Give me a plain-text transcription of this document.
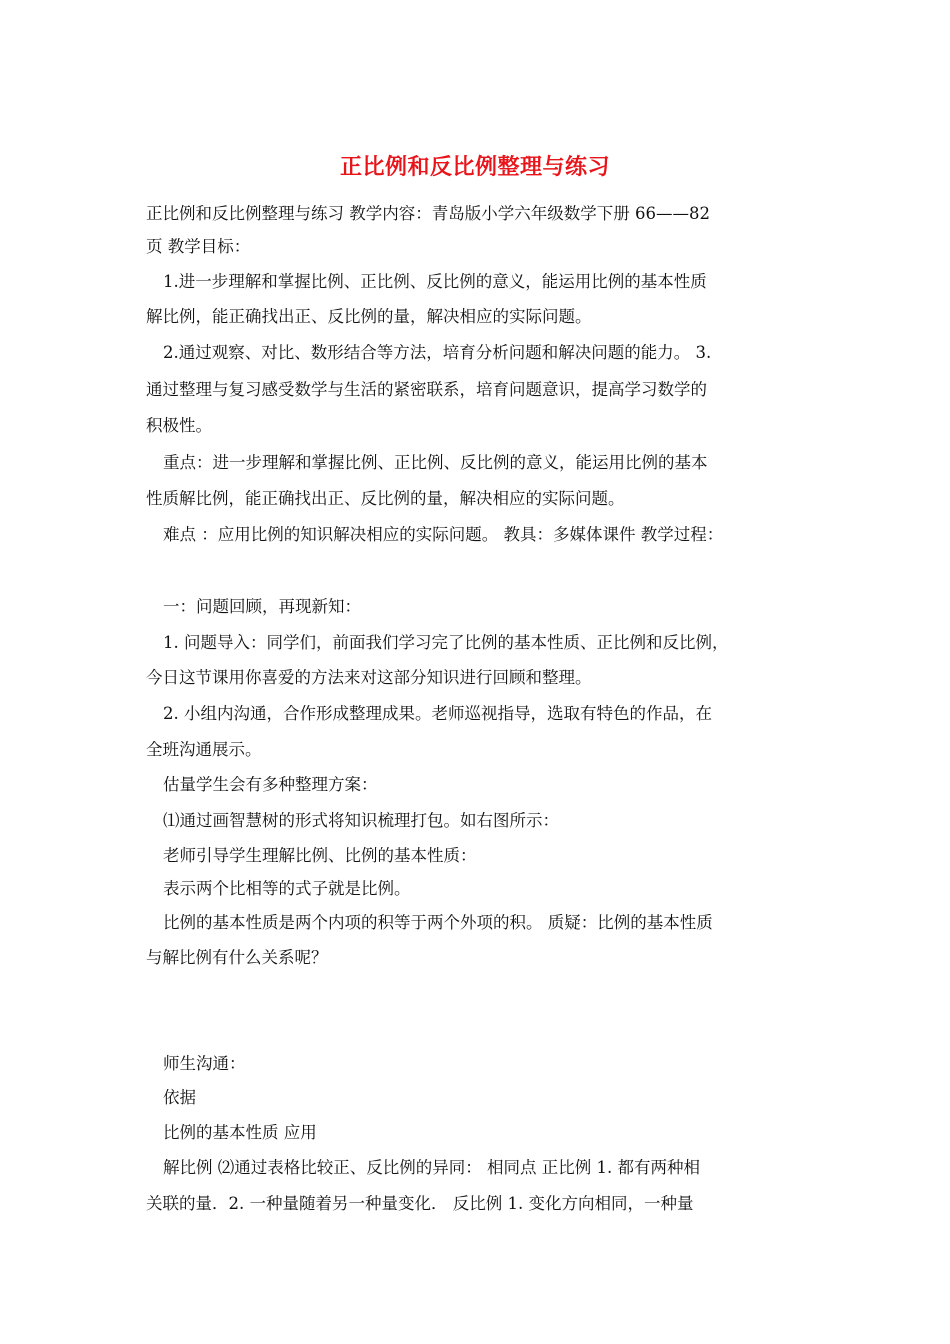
正比例和反比例整理与练习
正比例和反比例整理与练习 教学内容：青岛版小学六年级数学下册 66——82
页 教学目标：
1.进一步理解和掌握比例、正比例、反比例的意义，能运用比例的基本性质
解比例，能正确找出正、反比例的量，解决相应的实际问题。
2.通过观察、对比、数形结合等方法，培育分析问题和解决问题的能力。 3.
通过整理与复习感受数学与生活的紧密联系，培育问题意识，提高学习数学的
积极性。
重点：进一步理解和掌握比例、正比例、反比例的意义，能运用比例的基本
性质解比例，能正确找出正、反比例的量，解决相应的实际问题。
难点 ：应用比例的知识解决相应的实际问题。 教具：多媒体课件 教学过程：
一：问题回顾，再现新知：
1. 问题导入：同学们，前面我们学习完了比例的基本性质、正比例和反比例，
今日这节课用你喜爱的方法来对这部分知识进行回顾和整理。
2. 小组内沟通，合作形成整理成果。老师巡视指导，选取有特色的作品，在
全班沟通展示。
估量学生会有多种整理方案：
⑴通过画智慧树的形式将知识梳理打包。如右图所示：
老师引导学生理解比例、比例的基本性质：
表示两个比相等的式子就是比例。
比例的基本性质是两个内项的积等于两个外项的积。 质疑：比例的基本性质
与解比例有什么关系呢？
师生沟通：
依据
比例的基本性质 应用
解比例 ⑵通过表格比较正、反比例的异同： 相同点 正比例 1. 都有两种相
关联的量．2. 一种量随着另一种量变化． 反比例 1. 变化方向相同，一种量
